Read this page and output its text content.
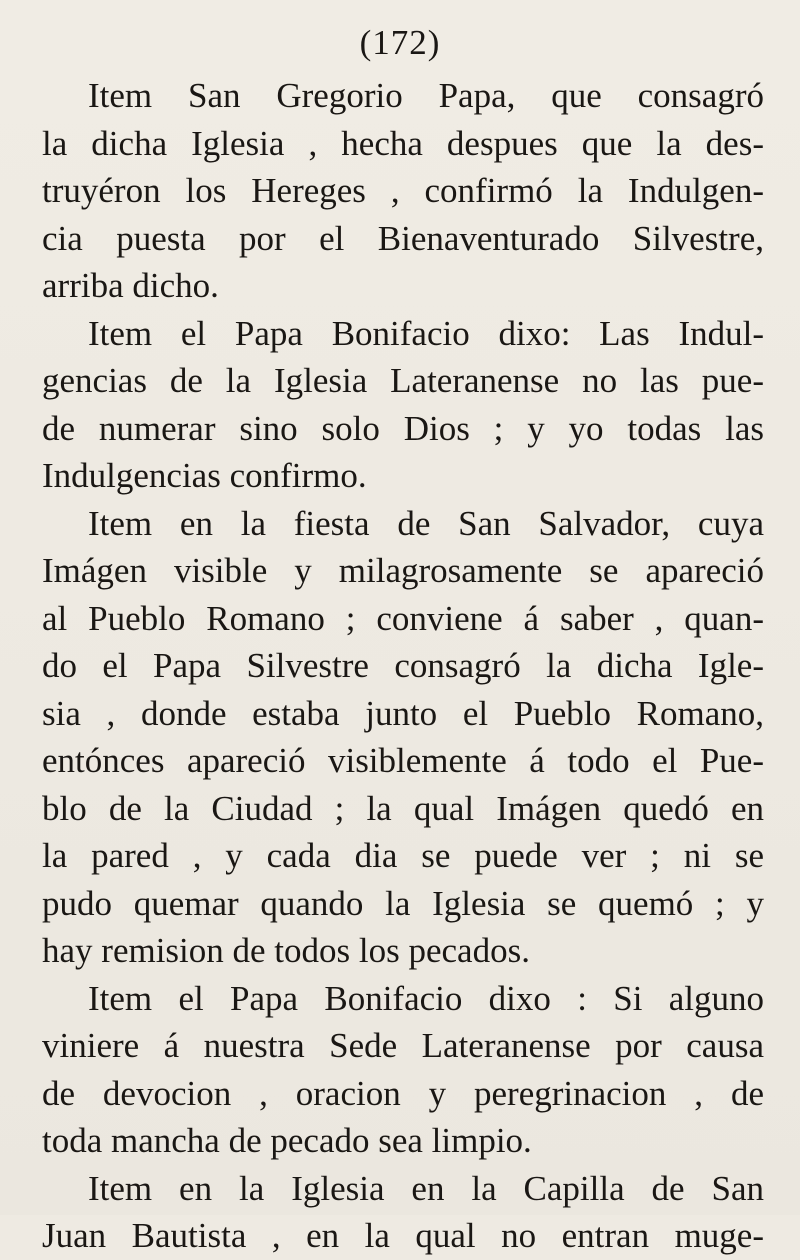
(172)
Item San Gregorio Papa, que consagró
la dicha Iglesia , hecha despues que la des-
truyéron los Hereges , confirmó la Indulgen-
cia puesta por el Bienaventurado Silvestre,
arriba dicho.
Item el Papa Bonifacio dixo: Las Indul-
gencias de la Iglesia Lateranense no las pue-
de numerar sino solo Dios ; y yo todas las
Indulgencias confirmo.
Item en la fiesta de San Salvador, cuya
Imágen visible y milagrosamente se apareció
al Pueblo Romano ; conviene á saber , quan-
do el Papa Silvestre consagró la dicha Igle-
sia , donde estaba junto el Pueblo Romano,
entónces apareció visiblemente á todo el Pue-
blo de la Ciudad ; la qual Imágen quedó en
la pared , y cada dia se puede ver ; ni se
pudo quemar quando la Iglesia se quemó ; y
hay remision de todos los pecados.
Item el Papa Bonifacio dixo : Si alguno
viniere á nuestra Sede Lateranense por causa
de devocion , oracion y peregrinacion , de
toda mancha de pecado sea limpio.
Item en la Iglesia en la Capilla de San
Juan Bautista , en la qual no entran muge-
